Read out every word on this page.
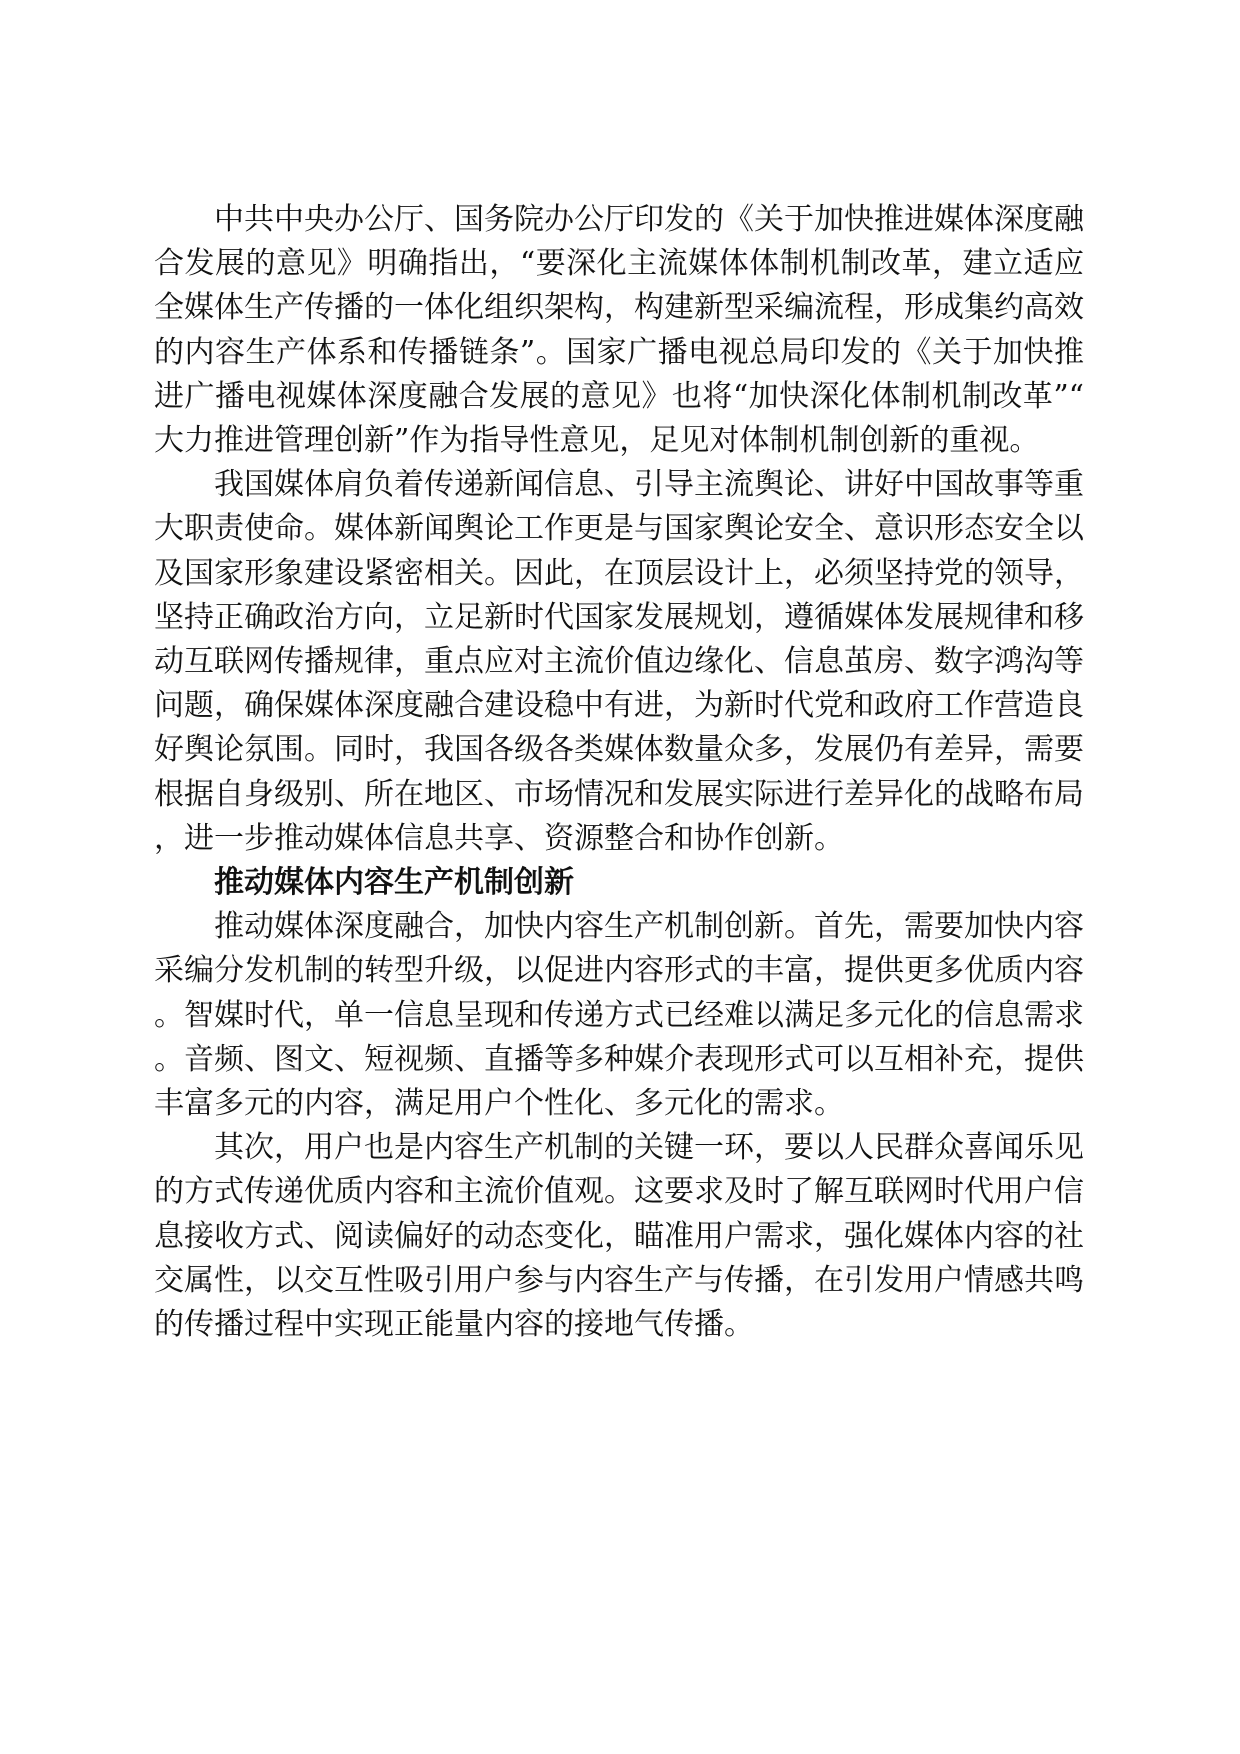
中共中央办公厅、国务院办公厅印发的《关于加快推进媒体深度融合发展的意见》明确指出，“要深化主流媒体体制机制改革，建立适应全媒体生产传播的一体化组织架构，构建新型采编流程，形成集约高效的内容生产体系和传播链条”。国家广播电视总局印发的《关于加快推进广播电视媒体深度融合发展的意见》也将“加快深化体制机制改革”“大力推进管理创新”作为指导性意见，足见对体制机制创新的重视。

我国媒体肩负着传递新闻信息、引导主流舆论、讲好中国故事等重大职责使命。媒体新闻舆论工作更是与国家舆论安全、意识形态安全以及国家形象建设紧密相关。因此，在顶层设计上，必须坚持党的领导，坚持正确政治方向，立足新时代国家发展规划，遵循媒体发展规律和移动互联网传播规律，重点应对主流价值边缘化、信息茧房、数字鸿沟等问题，确保媒体深度融合建设稳中有进，为新时代党和政府工作营造良好舆论氛围。同时，我国各级各类媒体数量众多，发展仍有差异，需要根据自身级别、所在地区、市场情况和发展实际进行差异化的战略布局，进一步推动媒体信息共享、资源整合和协作创新。

推动媒体内容生产机制创新

推动媒体深度融合，加快内容生产机制创新。首先，需要加快内容采编分发机制的转型升级，以促进内容形式的丰富，提供更多优质内容。智媒时代，单一信息呈现和传递方式已经难以满足多元化的信息需求。音频、图文、短视频、直播等多种媒介表现形式可以互相补充，提供丰富多元的内容，满足用户个性化、多元化的需求。

其次，用户也是内容生产机制的关键一环，要以人民群众喜闻乐见的方式传递优质内容和主流价值观。这要求及时了解互联网时代用户信息接收方式、阅读偏好的动态变化，瞄准用户需求，强化媒体内容的社交属性，以交互性吸引用户参与内容生产与传播，在引发用户情感共鸣的传播过程中实现正能量内容的接地气传播。
